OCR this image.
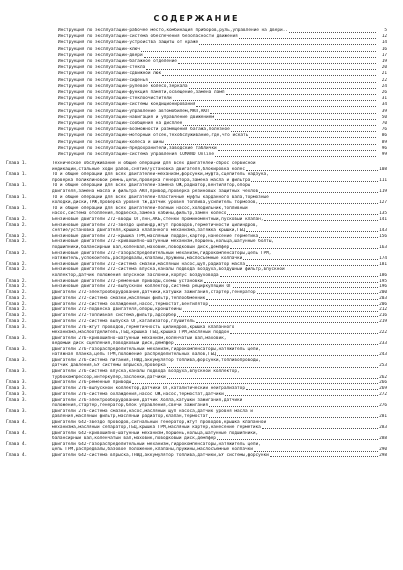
СОДЕРЖАНИЕ
Инструкция по эксплуатации-рабочее место,комбинация приборов,руль,управление на двери..	5
Инструкция по эксплуатации-система обеспечения безопасности движения	12
Инструкция по эксплуатации-устройства защиты от краже	14
Инструкция по эксплуатации-ключ	16
Инструкция по эксплуатации-двери	17
Инструкция по эксплуатации-багажное отделение	19
Инструкция по эксплуатации-стекла	20
Инструкция по эксплуатации-сдвижной люк	21
Инструкция по эксплуатации-сиденья	22
Инструкция по эксплуатации-рулевое колесо,зеркала	24
Инструкция по эксплуатации-функция памяти,освещение,замена ламп	26
Инструкция по эксплуатации-стеклоочистители	31
Инструкция по эксплуатации-системы кондиционирования	34
Инструкция по эксплуатации-управление автомобилем,МКП,АКП	39
Инструкция по эксплуатации-навигация и управление движением	50
Инструкция по эксплуатации-сообщения на дисплее	70
Инструкция по эксплуатации-возможности размещения багажа,полезное	76
Инструкция по эксплуатации-моторный отсек,техобслуживание,где,что искать	86
Инструкция по эксплуатации-колеса и шины	89
Инструкция по эксплуатации-предохранители,заводские таблички	96
Инструкция по эксплуатации-система управления COMAND Online	99
Глава 1.	Техническое обслуживание и общие операции для всех двигателей-сброс сервисной
индикации,стальные ходи ралов,снятие/установка двигателя,блокировка колес	108
Глава 1.	ТО и общие операции для всех двигателей-механизм,форсунки,муфта,сцепитель надзука,
проверка поликлиновой ремнь,цепи,проверка генератора,замена масла и фильтра	111
Глава 1.	ТО и общие операции для всех двигателей-замена ОЖ,радиатор,вентилятор,опоры
двигателя,замена масла и фильтра АКП,привод,проверка резиновых защитных чехлов	119
Глава 1.	ТО и общие операции для всех двигателей-пластичные муфты карданного вала,тормозные
колодки,диски,ТРЖ,проверка уровня тж,датчик уровня топлива,усилитель тормозов,	127
Глава 1.	ТО и общие операции для всех двигателей-полный насос,холодильник,топливный
насос,система отопления,подвеска,замена кабины,фильтр,замен колесо	135
Глава 2.	Бензиновые двигатели 272-вводы ОГ,пнн,АКБ,стенки проминоментный,пусковый клапан,	141
Глава 2.	Бензиновые двигатели 272-звездо цилиндр,жгут проводов,герметичности цилиндров,
снятие/установка двигателя,крышка клапанного механизма,затяжка крышки,ГБЦ	143
Глава 2.	Бензиновые двигатели 272-крышка ГРМ,масляный поддон,картер,нанесение герметика	156
Глава 2.	Бензиновые двигатели 272-кривошипно-шатунный механизм,поршень,кольца,шатунные болты,
подшипники,балансирный вал,коленвал,маховик,поводковый диск,демпфер	163
Глава 2.	Бензиновые двигатели 272-газораспределительный механизм,гидрокомпенсаторы,цепь ГРМ,
натяжитель,успокоитель,распредвалы,клапаны,пружины,маслосъемные колпачки	174
Глава 2.	Бензиновые двигатели 272-система смазки,масляный насос,щуп,радиатор масла	181
Глава 2.	Бензиновые двигатели 272-система впуска,каналы подвода воздуха,воздушный фильтр,впускной
коллектор,датчик положения впускной заслонки,корпус воздуховода	186
Глава 2.	Бензиновые двигатели 272-ременные приводы,схемы установки	195
Глава 2.	Бензиновые двигатели 272-выпускной коллектор,система рециркуляции ОГ	196
Глава 2.	Двигатели 272-электрооборудование,датчики,катушки зажигания,стартер,генератор	200
Глава 2.	Двигатели 272-система смазки,масляный фильтр,теплообменник	203
Глава 2.	Двигатели 272-система охлаждения,насос,термостат,вентилятор	206
Глава 2.	Двигатели 272-подвеска двигателя,опоры,кронштейны	212
Глава 2.	Двигатели 272-топливная система,фильтр,адсорбер	216
Глава 2.	Двигатели 272-система выпуска ОГ,катализатор,глушитель	219
Глава 3.	Двигатели 276-жгут проводов,герметичность цилиндров,крышка клапанного
механизма,маслоотделитель,ГБЦ,крышка ГБЦ,крышка ГРМ,масляный поддон	222
Глава 3.	Двигатели 276-кривошипно-шатунный механизм,коленчатый вал,маховик,
ведомый диск сцепления,поводковый диск,демпфер	233
Глава 3.	Двигатели 276-газораспределительный механизм,гидрокомпенсаторы,натяжитель цепи,
натяжная планка,цепь ГРМ,положение распределительных валов,ГБЦ	243
Глава 3.	Двигатели 276-система питания,ТНВД,аккумулятор топлива,форсунки,топливопроводы,
датчик давления,БУ системы впрыска,проверка	253
Глава 3.	Двигатели 276-система впуска,каналы подвода воздуха,впускной коллектор,
турбокомпрессор,интеркулер,заслонки,датчики	262
Глава 3.	Двигатели 276-ременные приводы	266
Глава 3.	Двигатели 276-выпускной коллектор,датчики ОГ,каталитический нейтрализатор	269
Глава 3.	Двигатели 276-система охлаждения,насос ОЖ,насос,термостат,датчики	272
Глава 3.	Двигатели 276-электрооборудование,датчик Холла,катушки зажигания,датчики
положения,стартер,генератор,блок управления,свечи зажигания	276
Глава 3.	Двигатели 276-система смазки,насос,масляный щуп насоса,датчик уровня масла и
давления,масляный фильтр,масляный радиатор,клапан,термостат	281
Глава 4.	Двигатели 642-звездо проводов,сигнальный генератор,жгут проводов,крышка клапанной
механизма,масляный сепаратор,ГБЦ,крышка ГРМ,масляный картер,нанесение герметика	283
Глава 4.	Двигатели 642-кривошипно-шатунный механизм,поршень,кольца,шатунные подшипники,
балансирный вал,коленчатый вал,маховик,поводковый диск,демпфер	288
Глава 4.	Двигатели 642-газораспределительный механизм,гидрокомпенсаторы,натяжитель цепи,
цепь ГРМ,распредвалы,базовое положение,клапаны,пружины,маслосъемные колпачки	290
Глава 4.	Двигатели 642-система впрыска,ТНВД,аккумулятор топлива,датчики,БУ системы,форсунки	298
